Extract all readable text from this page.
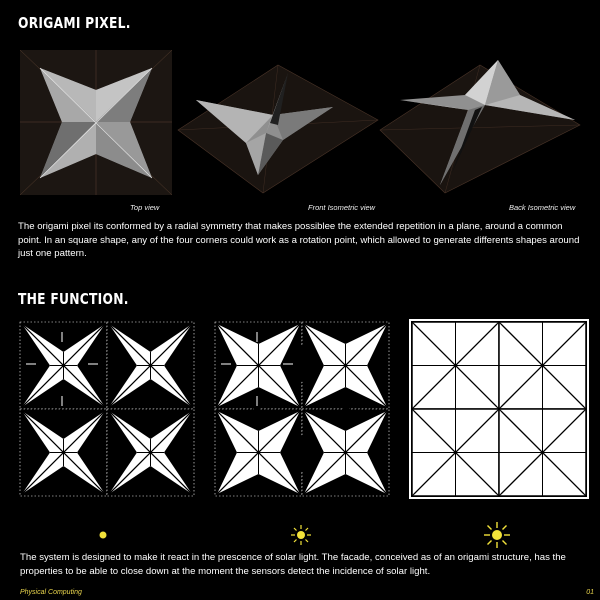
ORIGAMI PIXEL.
THE FUNCTION.
Top view	Front Isometric view	Back Isometric view
The origami pixel its conformed by a radial symmetry that makes possiblee the extended repetition in a plane, around a common point. In an square shape, any of the four corners could work as a rotation point, which allowed to generate differents shapes around just one pattern.
The system is designed to make it react in the prescence of solar light. The facade, conceived as of an origami structure, has the properties to be able to close down at the moment the sensors detect the incidence of solar light.
Physical Computing	01
